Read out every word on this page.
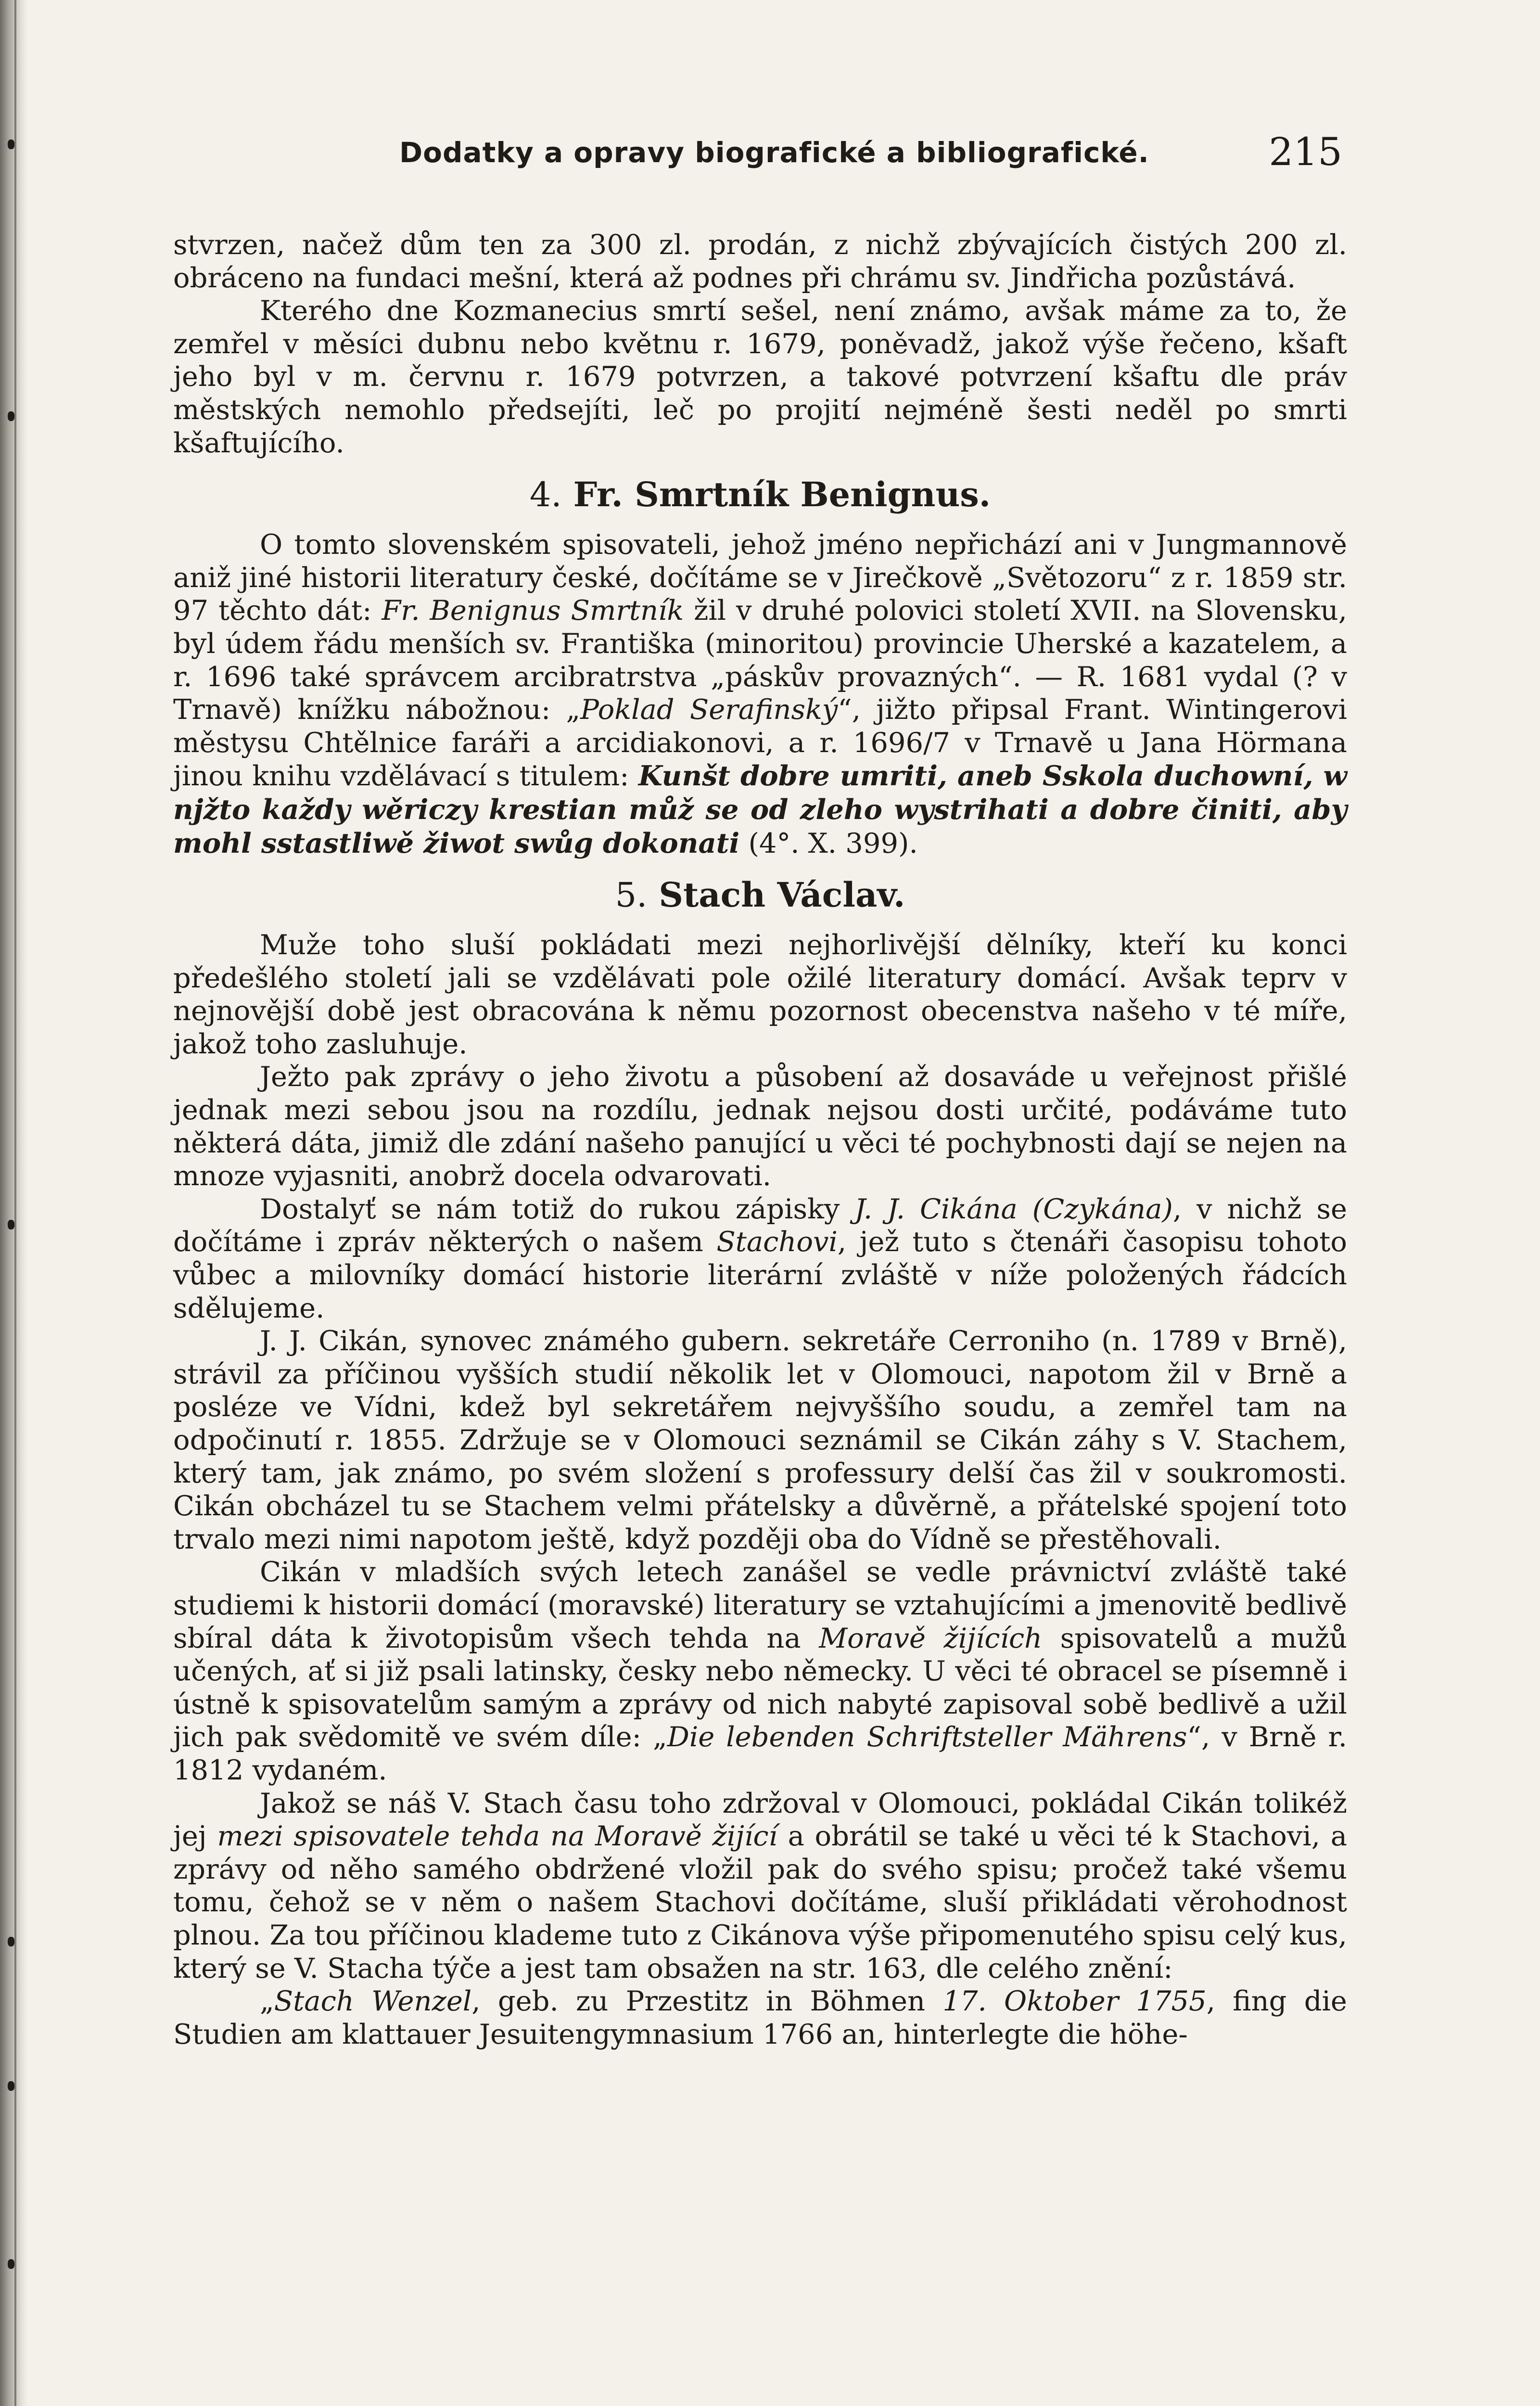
Dodatky a opravy biografické a bibliografické.	215

stvrzen, načež dům ten za 300 zl. prodán, z nichž zbývajících čistých 200 zl. obráceno na fundaci mešní, která až podnes při chrámu sv. Jindřicha pozůstává.

Kterého dne Kozmanecius smrtí sešel, není známo, avšak máme za to, že zemřel v měsíci dubnu nebo květnu r. 1679, poněvadž, jakož výše řečeno, kšaft jeho byl v m. červnu r. 1679 potvrzen, a takové potvrzení kšaftu dle práv městských nemohlo předsejíti, leč po projití nejméně šesti neděl po smrti kšaftujícího.

4. Fr. Smrtník Benignus.

O tomto slovenském spisovateli, jehož jméno nepřichází ani v Jungmannově aniž jiné historii literatury české, dočítáme se v Jirečkově „Světozoru“ z r. 1859 str. 97 těchto dát: Fr. Benignus Smrtník žil v druhé polovici století XVII. na Slovensku, byl údem řádu menších sv. Františka (minoritou) provincie Uherské a kazatelem, a r. 1696 také správcem arcibratrstva „páskův provazných“. — R. 1681 vydal (? v Trnavě) knížku nábožnou: „Poklad Serafinský“, jižto připsal Frant. Wintingerovi městysu Chtělnice faráři a arcidiakonovi, a r. 1696/7 v Trnavě u Jana Hörmana jinou knihu vzdělávací s titulem: Kunšt dobre umriti, aneb Sskola duchowní, w njžto každy wěriczy krestian můž se od zleho wystrihati a dobre činiti, aby mohl sstastliwě žiwot swůg dokonati (4°. X. 399).

5. Stach Václav.

Muže toho sluší pokládati mezi nejhorlivější dělníky, kteří ku konci předešlého století jali se vzdělávati pole ožilé literatury domácí. Avšak teprv v nejnovější době jest obracována k němu pozornost obecenstva našeho v té míře, jakož toho zasluhuje.

Ježto pak zprávy o jeho životu a působení až dosaváde u veřejnost přišlé jednak mezi sebou jsou na rozdílu, jednak nejsou dosti určité, podáváme tuto některá dáta, jimiž dle zdání našeho panující u věci té pochybnosti dají se nejen na mnoze vyjasniti, anobrž docela odvarovati.

Dostalyť se nám totiž do rukou zápisky J. J. Cikána (Czykána), v nichž se dočítáme i zpráv některých o našem Stachovi, jež tuto s čtenáři časopisu tohoto vůbec a milovníky domácí historie literární zvláště v níže položených řádcích sdělujeme.

J. J. Cikán, synovec známého gubern. sekretáře Cerroniho (n. 1789 v Brně), strávil za příčinou vyšších studií několik let v Olomouci, napotom žil v Brně a posléze ve Vídni, kdež byl sekretářem nejvyššího soudu, a zemřel tam na odpočinutí r. 1855. Zdržuje se v Olomouci seznámil se Cikán záhy s V. Stachem, který tam, jak známo, po svém složení s professury delší čas žil v soukromosti. Cikán obcházel tu se Stachem velmi přátelsky a důvěrně, a přátelské spojení toto trvalo mezi nimi napotom ještě, když později oba do Vídně se přestěhovali.

Cikán v mladších svých letech zanášel se vedle právnictví zvláště také studiemi k historii domácí (moravské) literatury se vztahujícími a jmenovitě bedlivě sbíral dáta k životopisům všech tehda na Moravě žijících spisovatelů a mužů učených, ať si již psali latinsky, česky nebo německy. U věci té obracel se písemně i ústně k spisovatelům samým a zprávy od nich nabyté zapisoval sobě bedlivě a užil jich pak svědomitě ve svém díle: „Die lebenden Schriftsteller Mährens“, v Brně r. 1812 vydaném.

Jakož se náš V. Stach času toho zdržoval v Olomouci, pokládal Cikán tolikéž jej mezi spisovatele tehda na Moravě žijící a obrátil se také u věci té k Stachovi, a zprávy od něho samého obdržené vložil pak do svého spisu; pročež také všemu tomu, čehož se v něm o našem Stachovi dočítáme, sluší přikládati věrohodnost plnou. Za tou příčinou klademe tuto z Cikánova výše připomenutého spisu celý kus, který se V. Stacha týče a jest tam obsažen na str. 163, dle celého znění:

„Stach Wenzel, geb. zu Przestitz in Böhmen 17. Oktober 1755, fing die Studien am klattauer Jesuitengymnasium 1766 an, hinterlegte die höhe-
